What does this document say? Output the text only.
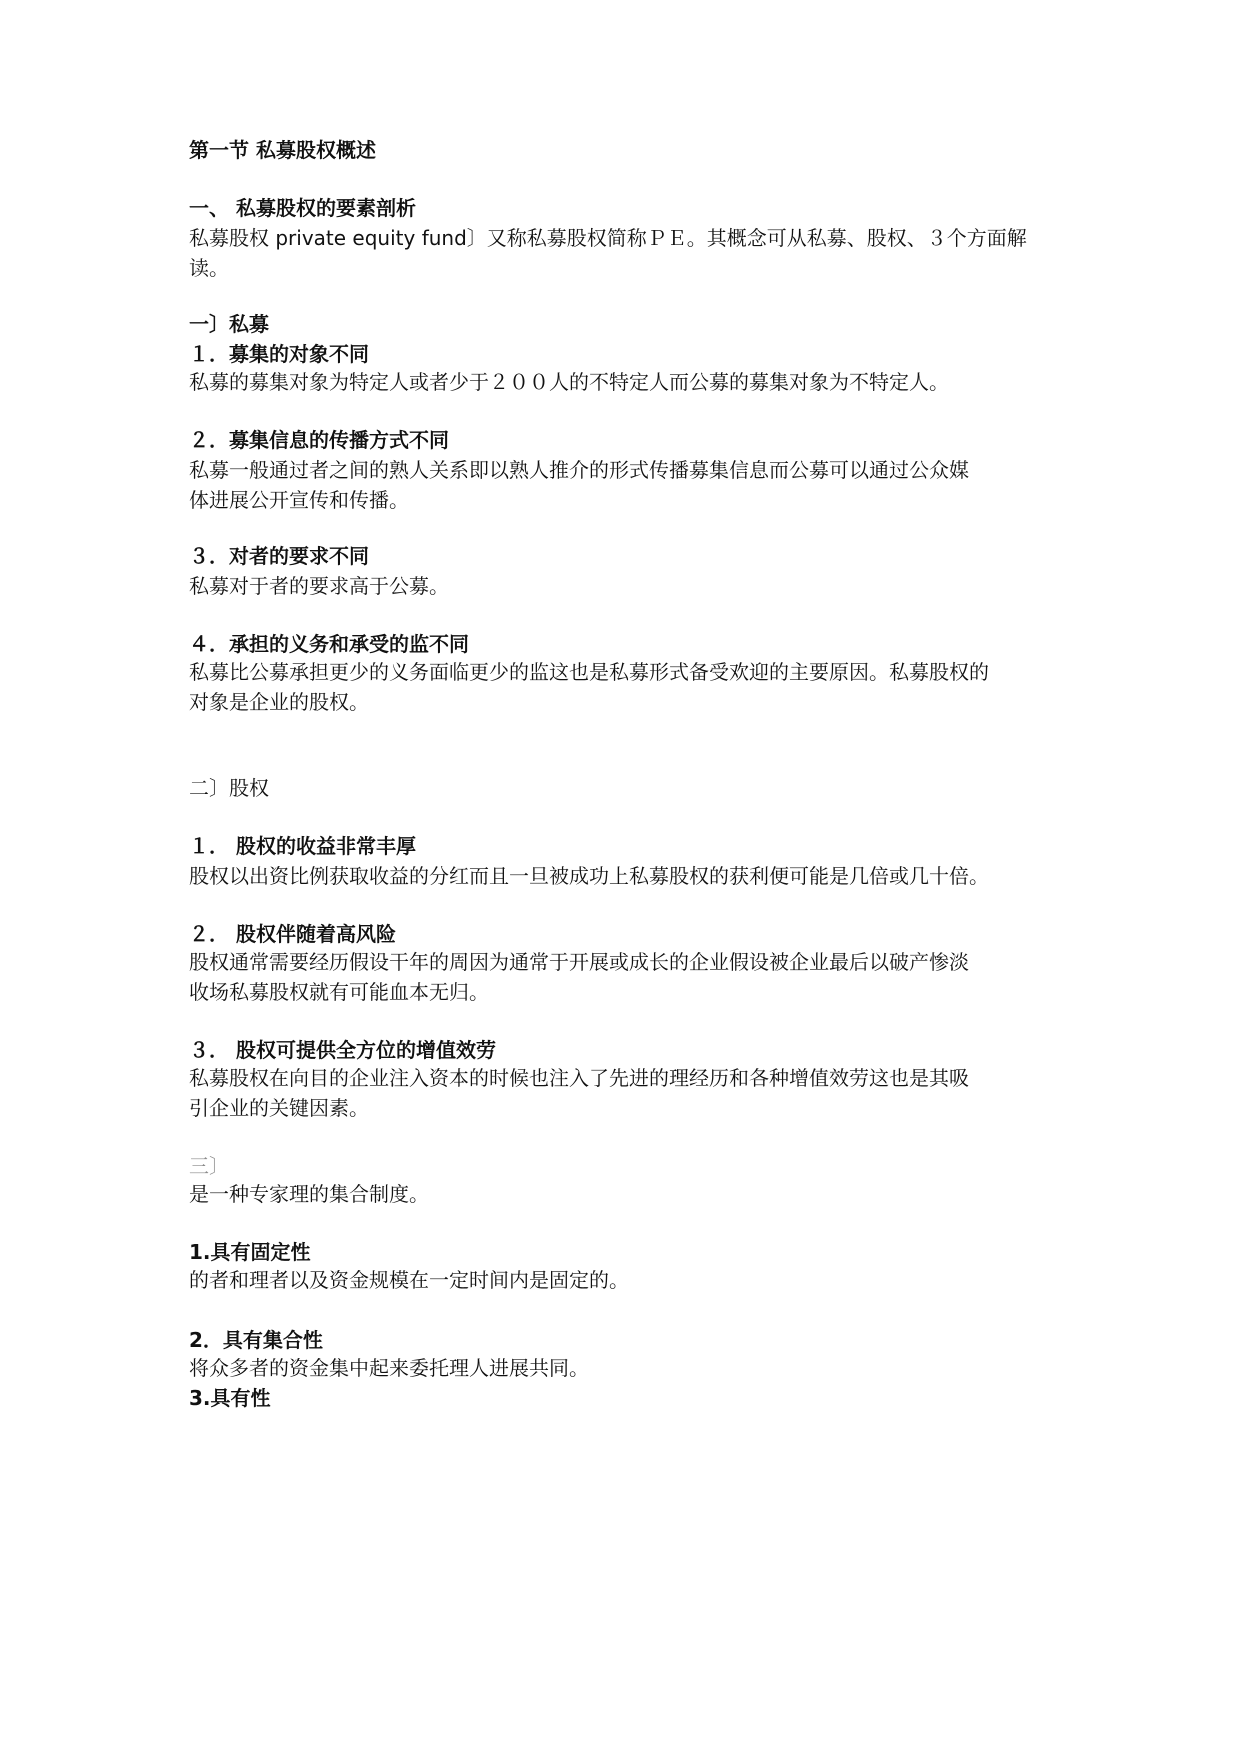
第一节 私募股权概述
一、 私募股权的要素剖析
私募股权 private equity fund〕又称私募股权简称ＰＥ。其概念可从私募、股权、３个方面解
读。
一〕私募
１．募集的对象不同
私募的募集对象为特定人或者少于２００人的不特定人而公募的募集对象为不特定人。
２．募集信息的传播方式不同
私募一般通过者之间的熟人关系即以熟人推介的形式传播募集信息而公募可以通过公众媒
体进展公开宣传和传播。
３．对者的要求不同
私募对于者的要求高于公募。
４．承担的义务和承受的监不同
私募比公募承担更少的义务面临更少的监这也是私募形式备受欢迎的主要原因。私募股权的
对象是企业的股权。
二〕股权
１． 股权的收益非常丰厚
股权以出资比例获取收益的分红而且一旦被成功上私募股权的获利便可能是几倍或几十倍。
２． 股权伴随着高风险
股权通常需要经历假设干年的周因为通常于开展或成长的企业假设被企业最后以破产惨淡
收场私募股权就有可能血本无归。
３． 股权可提供全方位的增值效劳
私募股权在向目的企业注入资本的时候也注入了先进的理经历和各种增值效劳这也是其吸
引企业的关键因素。
三〕
是一种专家理的集合制度。
1.具有固定性
的者和理者以及资金规模在一定时间内是固定的。
2．具有集合性
将众多者的资金集中起来委托理人进展共同。
3.具有性
